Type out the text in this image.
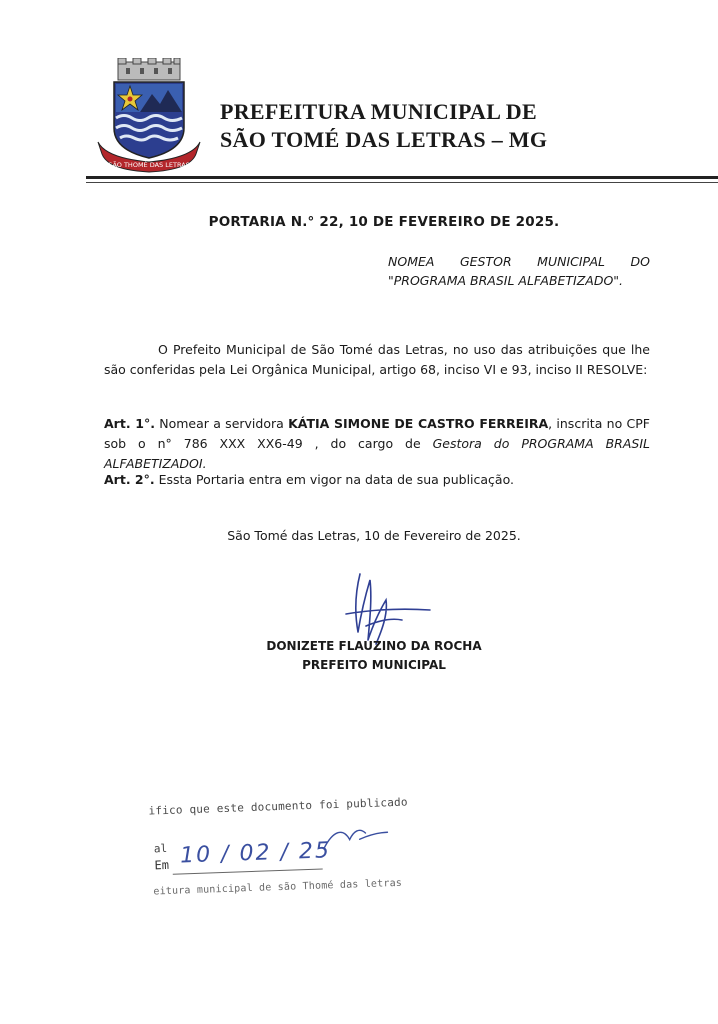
SÃO THOMÉ DAS LETRAS
PREFEITURA MUNICIPAL DE
SÃO TOMÉ DAS LETRAS – MG
PORTARIA N.° 22, 10 DE FEVEREIRO DE 2025.
NOMEA GESTOR MUNICIPAL DO
"PROGRAMA BRASIL ALFABETIZADO".
O Prefeito Municipal de São Tomé das Letras, no uso das atribuições que lhe são conferidas pela Lei Orgânica Municipal, artigo 68, inciso VI e 93, inciso II RESOLVE:
Art. 1°. Nomear a servidora KÁTIA SIMONE DE CASTRO FERREIRA, inscrita no CPF sob o n° 786 XXX XX6-49 , do cargo de Gestora do PROGRAMA BRASIL ALFABETIZADOI.
Art. 2°. Essta Portaria entra em vigor na data de sua publicação.
São Tomé das Letras, 10 de Fevereiro de 2025.
DONIZETE FLAUZINO DA ROCHA
PREFEITO MUNICIPAL
ifico que este documento foi publicado
al
Em 10 / 02 / 25
eitura municipal de são Thomé das letras
